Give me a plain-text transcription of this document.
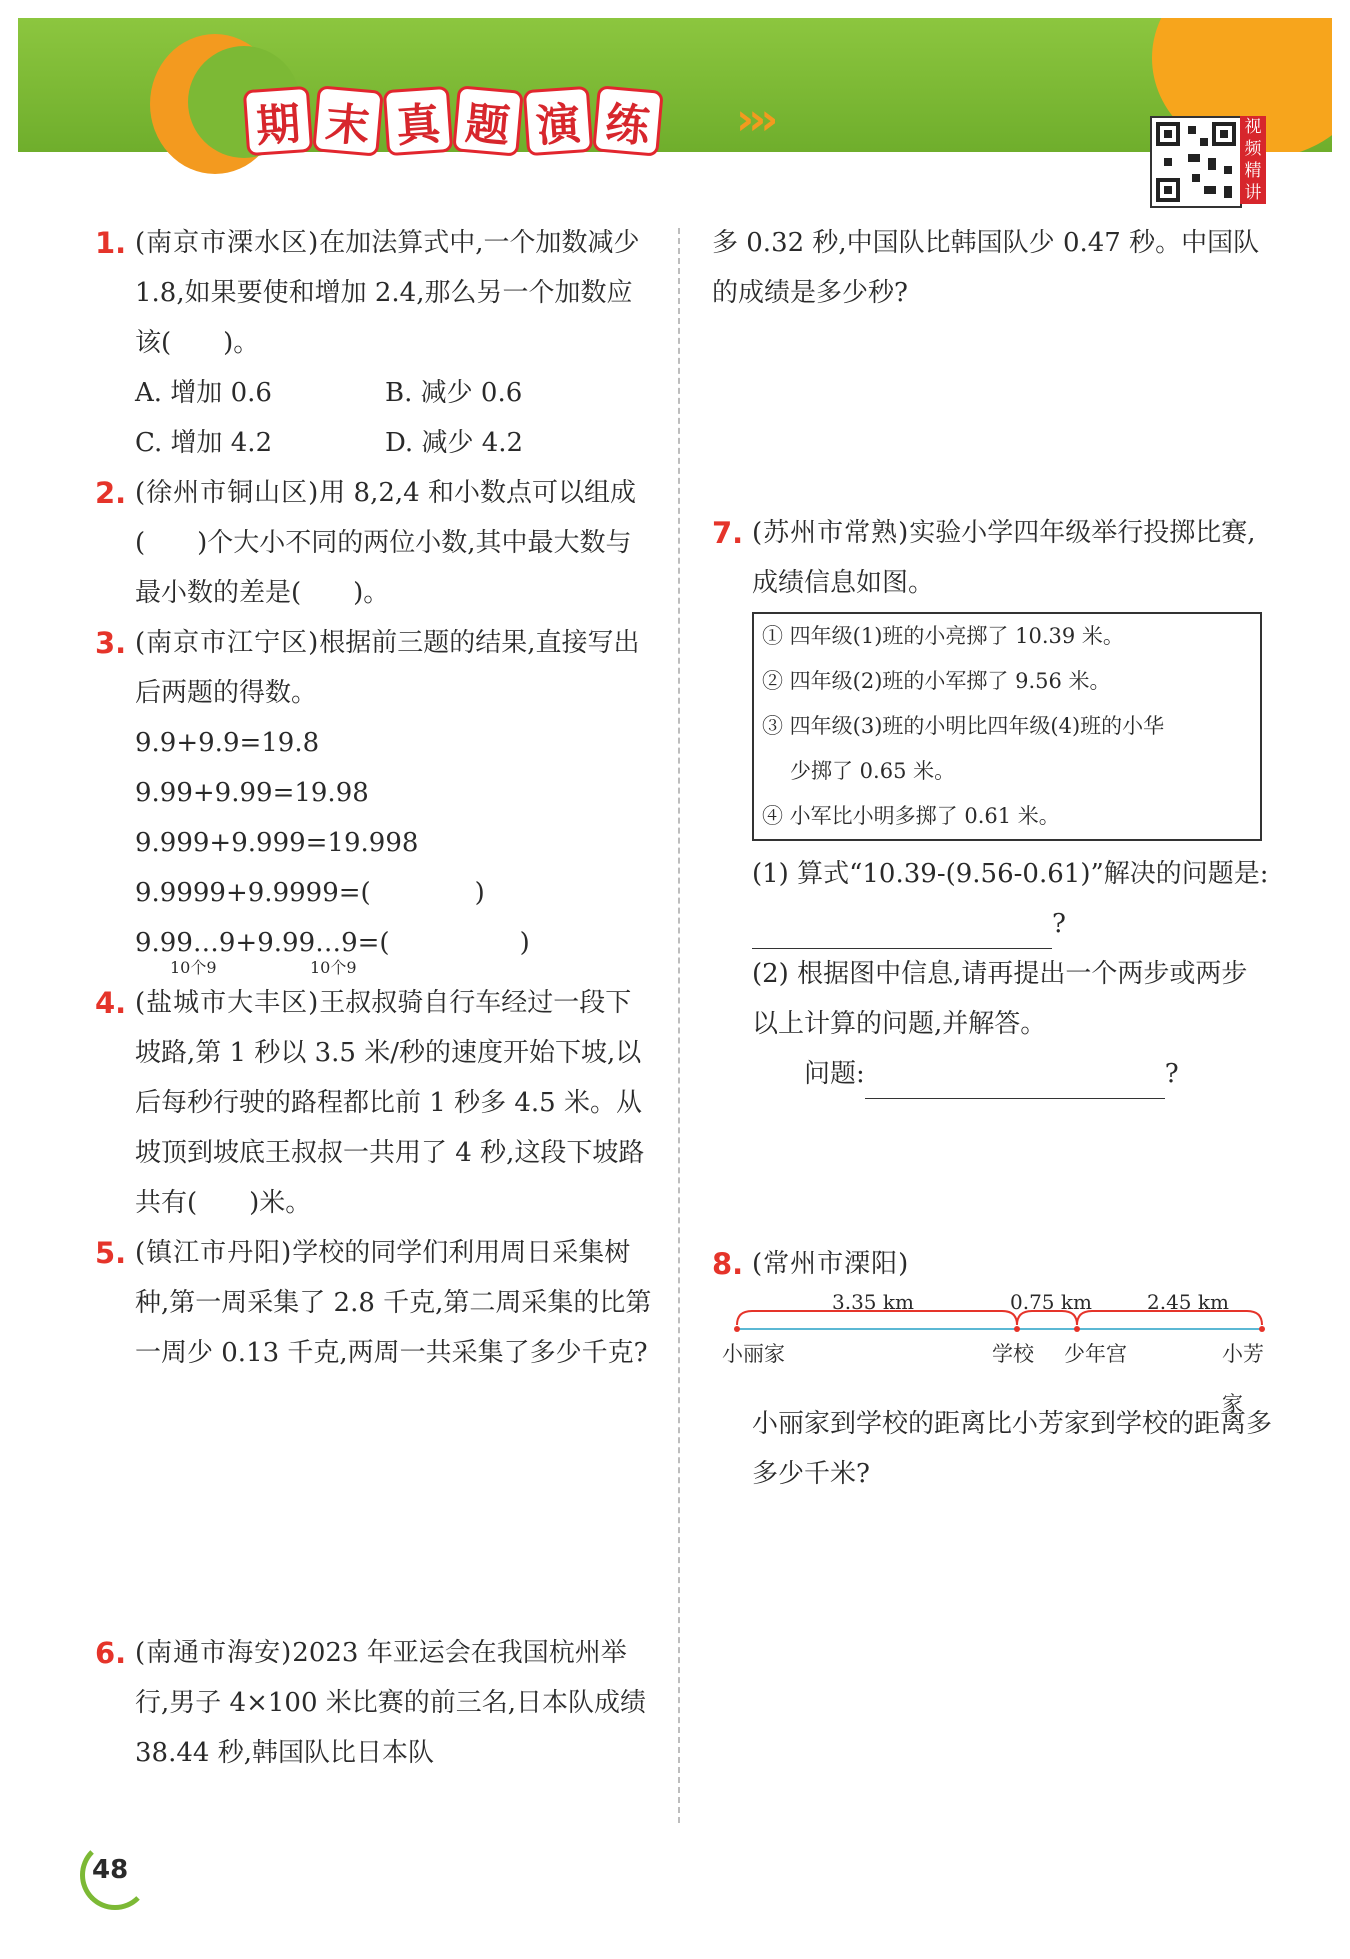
期 末 真 题 演 练 ›››	视频精讲
1. (南京市溧水区)在加法算式中,一个加数减少 1.8,如果要使和增加 2.4,那么另一个加数应该(　　)。
A. 增加 0.6	B. 减少 0.6
C. 增加 4.2	D. 减少 4.2
2. (徐州市铜山区)用 8,2,4 和小数点可以组成(　　)个大小不同的两位小数,其中最大数与最小数的差是(　　)。
3. (南京市江宁区)根据前三题的结果,直接写出后两题的得数。
9.9+9.9=19.8
9.99+9.99=19.98
9.999+9.999=19.998
9.9999+9.9999=(　　　　)
9.99…9+9.99…9=(　　　　　)
10个9	10个9
4. (盐城市大丰区)王叔叔骑自行车经过一段下坡路,第 1 秒以 3.5 米/秒的速度开始下坡,以后每秒行驶的路程都比前 1 秒多 4.5 米。从坡顶到坡底王叔叔一共用了 4 秒,这段下坡路共有(　　)米。
5. (镇江市丹阳)学校的同学们利用周日采集树种,第一周采集了 2.8 千克,第二周采集的比第一周少 0.13 千克,两周一共采集了多少千克?
6. (南通市海安)2023 年亚运会在我国杭州举行,男子 4×100 米比赛的前三名,日本队成绩 38.44 秒,韩国队比日本队
多 0.32 秒,中国队比韩国队少 0.47 秒。中国队的成绩是多少秒?
7. (苏州市常熟)实验小学四年级举行投掷比赛,成绩信息如图。
① 四年级(1)班的小亮掷了 10.39 米。
② 四年级(2)班的小军掷了 9.56 米。
③ 四年级(3)班的小明比四年级(4)班的小华
少掷了 0.65 米。
④ 小军比小明多掷了 0.61 米。
(1) 算式“10.39-(9.56-0.61)”解决的问题是:?
(2) 根据图中信息,请再提出一个两步或两步以上计算的问题,并解答。
问题:	?
8. (常州市溧阳)
3.35 km	0.75 km	2.45 km
小丽家	学校 少年宫	小芳家
小丽家到学校的距离比小芳家到学校的距离多多少千米?
48
